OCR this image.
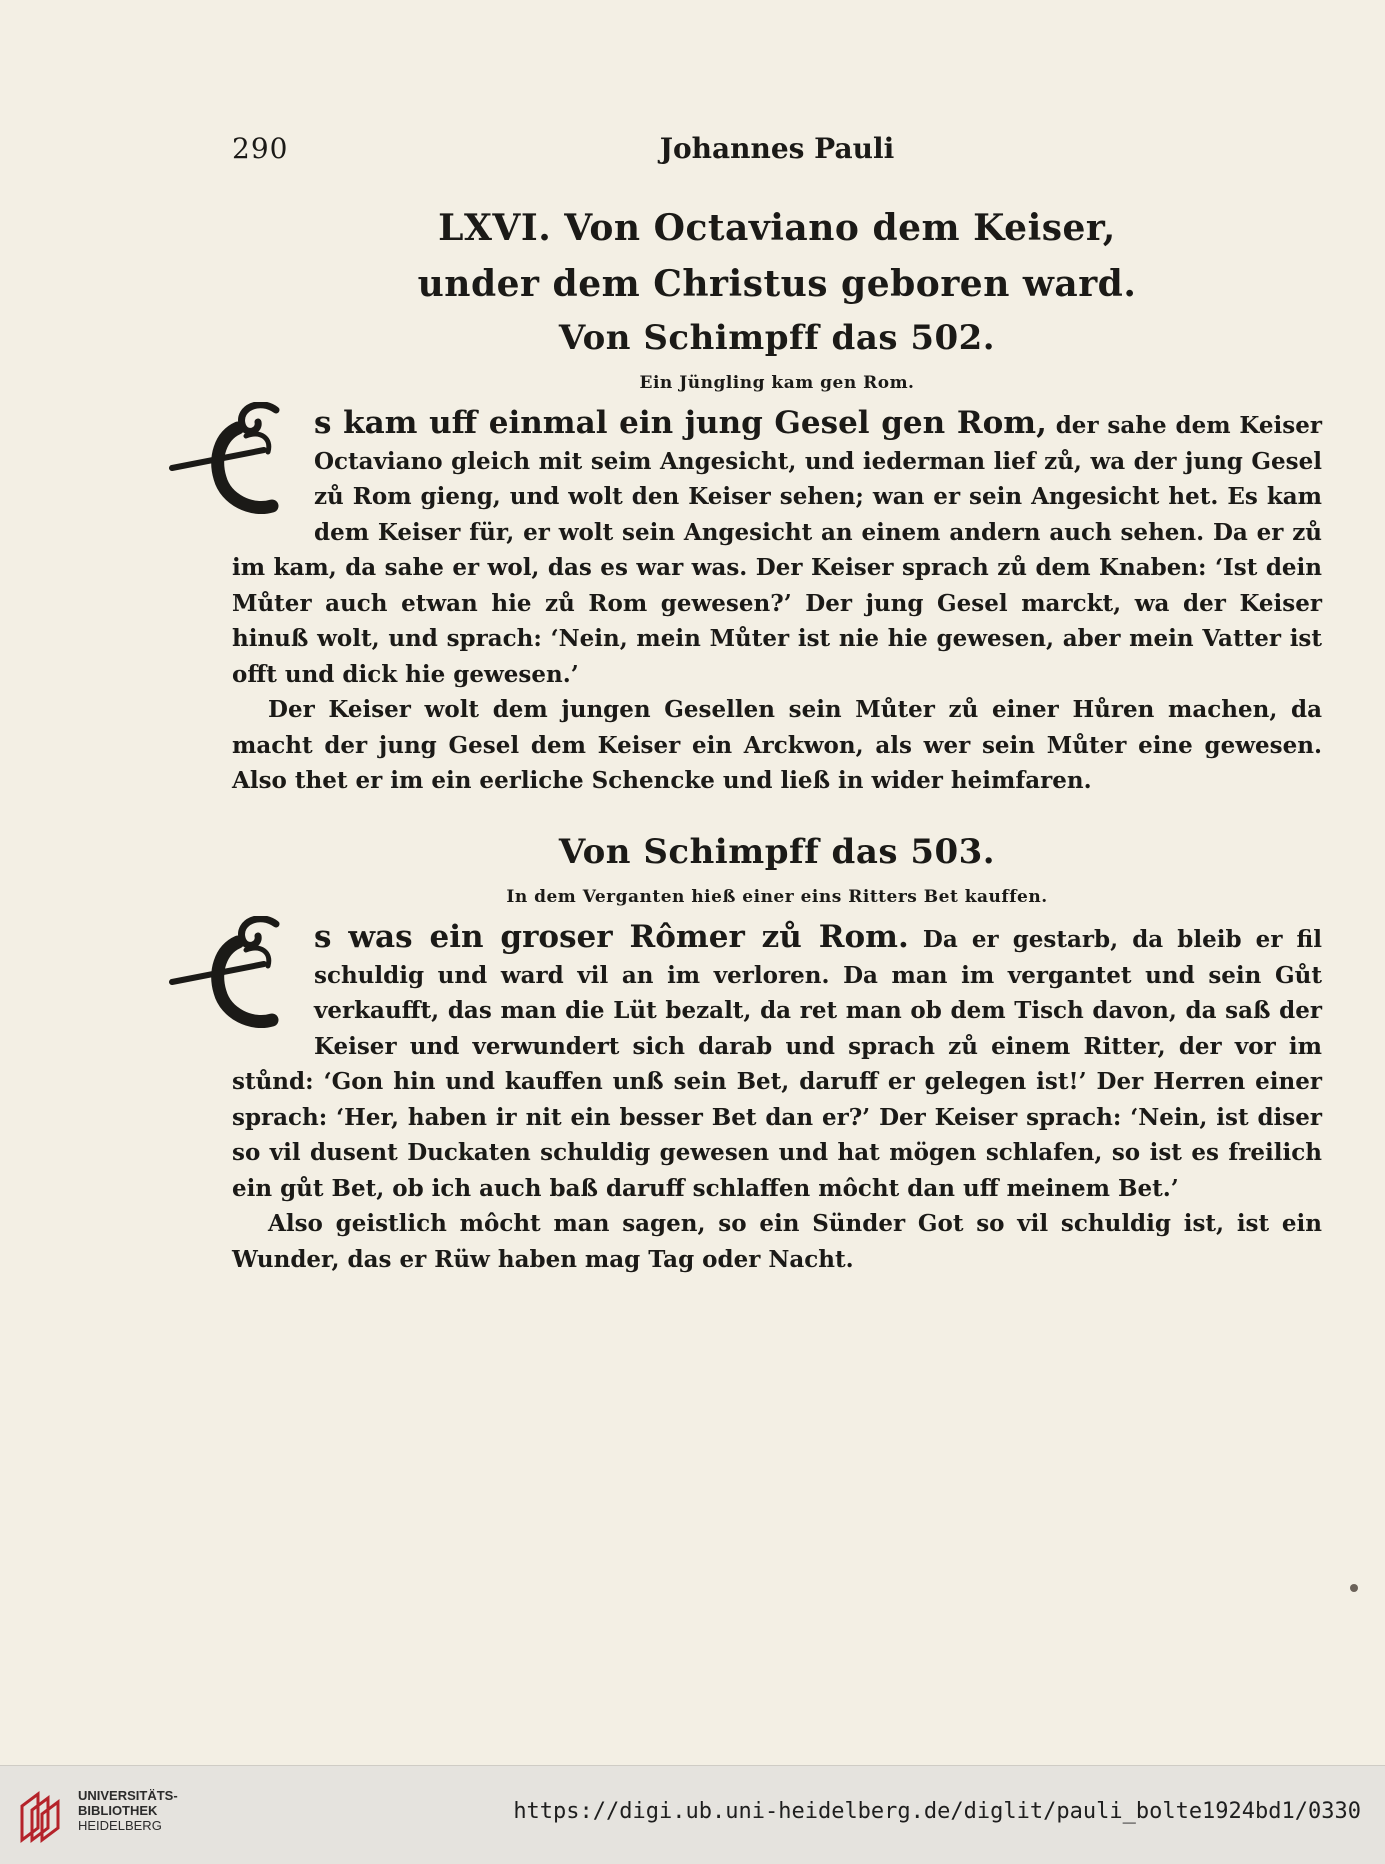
290	Johannes Pauli
LXVI. Von Octaviano dem Keiser,
under dem Christus geboren ward.
Von Schimpff das 502.
Ein Jüngling kam gen Rom.

s kam uff einmal ein jung Gesel gen Rom, der sahe dem Keiser Octaviano gleich mit seim Angesicht, und iederman lief zů, wa der jung Gesel zů Rom gieng, und wolt den Keiser sehen; wan er sein Angesicht het. Es kam dem Keiser für, er wolt sein Angesicht an einem andern auch sehen. Da er zů im kam, da sahe er wol, das es war was. Der Keiser sprach zů dem Knaben: ‘Ist dein Můter auch etwan hie zů Rom gewesen?’ Der jung Gesel marckt, wa der Keiser hinuß wolt, und sprach: ‘Nein, mein Můter ist nie hie gewesen, aber mein Vatter ist offt und dick hie gewesen.’

Der Keiser wolt dem jungen Gesellen sein Můter zů einer Hůren machen, da macht der jung Gesel dem Keiser ein Arckwon, als wer sein Můter eine gewesen. Also thet er im ein eerliche Schencke und ließ in wider heimfaren.

Von Schimpff das 503.
In dem Verganten hieß einer eins Ritters Bet kauffen.

s was ein groser Rômer zů Rom. Da er gestarb, da bleib er fil schuldig und ward vil an im verloren. Da man im vergantet und sein Gůt verkaufft, das man die Lüt bezalt, da ret man ob dem Tisch davon, da saß der Keiser und verwundert sich darab und sprach zů einem Ritter, der vor im stůnd: ‘Gon hin und kauffen unß sein Bet, daruff er gelegen ist!’ Der Herren einer sprach: ‘Her, haben ir nit ein besser Bet dan er?’ Der Keiser sprach: ‘Nein, ist diser so vil dusent Duckaten schuldig gewesen und hat mögen schlafen, so ist es freilich ein gůt Bet, ob ich auch baß daruff schlaffen môcht dan uff meinem Bet.’

Also geistlich môcht man sagen, so ein Sünder Got so vil schuldig ist, ist ein Wunder, das er Rüw haben mag Tag oder Nacht.

UNIVERSITÄTS-
BIBLIOTHEK
HEIDELBERG
https://digi.ub.uni-heidelberg.de/diglit/pauli_bolte1924bd1/0330
